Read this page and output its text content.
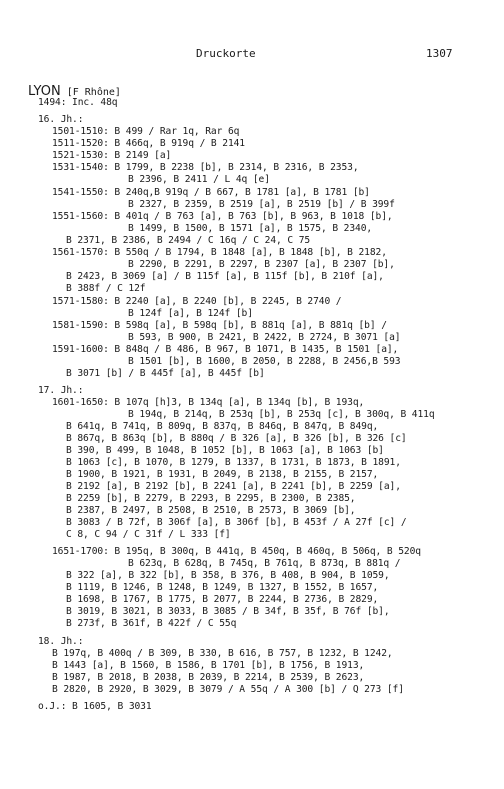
Druckorte	1307
LYON [F Rhône]
1494: Inc. 48q
16. Jh.:
1501-1510: B 499 / Rar 1q, Rar 6q
1511-1520: B 466q, B 919q / B 2141
1521-1530: B 2149 [a]
1531-1540: B 1799, B 2238 [b], B 2314, B 2316, B 2353,
B 2396, B 2411 / L 4q [e]
1541-1550: B 240q,B 919q / B 667, B 1781 [a], B 1781 [b]
B 2327, B 2359, B 2519 [a], B 2519 [b] / B 399f
1551-1560: B 401q / B 763 [a], B 763 [b], B 963, B 1018 [b],
B 1499, B 1500, B 1571 [a], B 1575, B 2340,
B 2371, B 2386, B 2494 / C 16q / C 24, C 75
1561-1570: B 550q / B 1794, B 1848 [a], B 1848 [b], B 2182,
B 2290, B 2291, B 2297, B 2307 [a], B 2307 [b],
B 2423, B 3069 [a] / B 115f [a], B 115f [b], B 210f [a],
B 388f / C 12f
1571-1580: B 2240 [a], B 2240 [b], B 2245, B 2740 /
B 124f [a], B 124f [b]
1581-1590: B 598q [a], B 598q [b], B 881q [a], B 881q [b] /
B 593, B 900, B 2421, B 2422, B 2724, B 3071 [a]
1591-1600: B 848q / B 486, B 967, B 1071, B 1435, B 1501 [a],
B 1501 [b], B 1600, B 2050, B 2288, B 2456,B 593
B 3071 [b] / B 445f [a], B 445f [b]
17. Jh.:
1601-1650: B 107q [h]3, B 134q [a], B 134q [b], B 193q,
B 194q, B 214q, B 253q [b], B 253q [c], B 300q, B 411q
B 641q, B 741q, B 809q, B 837q, B 846q, B 847q, B 849q,
B 867q, B 863q [b], B 880q / B 326 [a], B 326 [b], B 326 [c]
B 390, B 499, B 1048, B 1052 [b], B 1063 [a], B 1063 [b]
B 1063 [c], B 1070, B 1279, B 1337, B 1731, B 1873, B 1891,
B 1900, B 1921, B 1931, B 2049, B 2138, B 2155, B 2157,
B 2192 [a], B 2192 [b], B 2241 [a], B 2241 [b], B 2259 [a],
B 2259 [b], B 2279, B 2293, B 2295, B 2300, B 2385,
B 2387, B 2497, B 2508, B 2510, B 2573, B 3069 [b],
B 3083 / B 72f, B 306f [a], B 306f [b], B 453f / A 27f [c] /
C 8, C 94 / C 31f / L 333 [f]
1651-1700: B 195q, B 300q, B 441q, B 450q, B 460q, B 506q, B 520q
B 623q, B 628q, B 745q, B 761q, B 873q, B 881q /
B 322 [a], B 322 [b], B 358, B 376, B 408, B 904, B 1059,
B 1119, B 1246, B 1248, B 1249, B 1327, B 1552, B 1657,
B 1698, B 1767, B 1775, B 2077, B 2244, B 2736, B 2829,
B 3019, B 3021, B 3033, B 3085 / B 34f, B 35f, B 76f [b],
B 273f, B 361f, B 422f / C 55q
18. Jh.:
B 197q, B 400q / B 309, B 330, B 616, B 757, B 1232, B 1242,
B 1443 [a], B 1560, B 1586, B 1701 [b], B 1756, B 1913,
B 1987, B 2018, B 2038, B 2039, B 2214, B 2539, B 2623,
B 2820, B 2920, B 3029, B 3079 / A 55q / A 300 [b] / Q 273 [f]
o.J.: B 1605, B 3031
